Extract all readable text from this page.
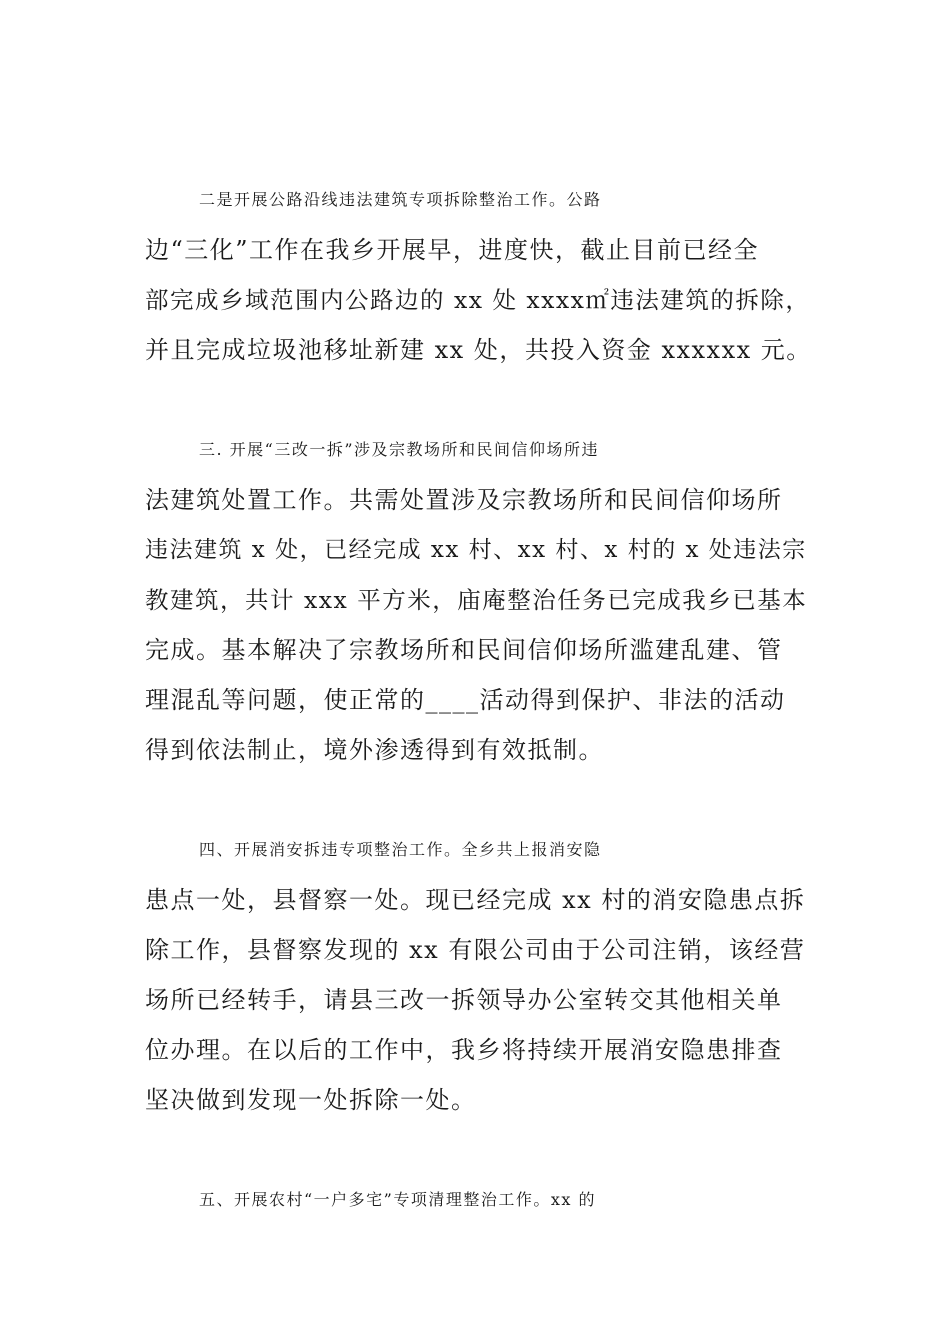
二是开展公路沿线违法建筑专项拆除整治工作。公路

边“三化”工作在我乡开展早，进度快，截止目前已经全

部完成乡域范围内公路边的 xx 处 xxxx㎡违法建筑的拆除，

并且完成垃圾池移址新建 xx 处，共投入资金 xxxxxx 元。

三. 开展“三改一拆”涉及宗教场所和民间信仰场所违

法建筑处置工作。共需处置涉及宗教场所和民间信仰场所

违法建筑 x 处，已经完成 xx 村、xx 村、x 村的 x 处违法宗

教建筑，共计 xxx 平方米，庙庵整治任务已完成我乡已基本

完成。基本解决了宗教场所和民间信仰场所滥建乱建、管

理混乱等问题，使正常的____活动得到保护、非法的活动

得到依法制止，境外渗透得到有效抵制。

四、开展消安拆违专项整治工作。全乡共上报消安隐

患点一处，县督察一处。现已经完成 xx 村的消安隐患点拆

除工作，县督察发现的 xx 有限公司由于公司注销，该经营

场所已经转手，请县三改一拆领导办公室转交其他相关单

位办理。在以后的工作中，我乡将持续开展消安隐患排查

坚决做到发现一处拆除一处。

五、开展农村“一户多宅”专项清理整治工作。xx 的
